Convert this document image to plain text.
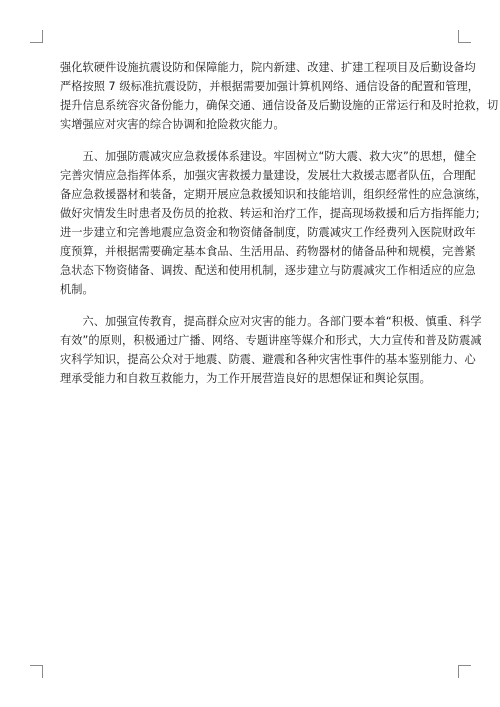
强化软硬件设施抗震设防和保障能力，院内新建、改建、扩建工程项目及后勤设备均
严格按照 7 级标准抗震设防，并根据需要加强计算机网络、通信设备的配置和管理，
提升信息系统容灾备份能力，确保交通、通信设备及后勤设施的正常运行和及时抢救，切
实增强应对灾害的综合协调和抢险救灾能力。
　　五、加强防震减灾应急救援体系建设。牢固树立“防大震、救大灾”的思想，健全
完善灾情应急指挥体系，加强灾害救援力量建设，发展壮大救援志愿者队伍，合理配
备应急救援器材和装备，定期开展应急救援知识和技能培训，组织经常性的应急演练，
做好灾情发生时患者及伤员的抢救、转运和治疗工作，提高现场救援和后方指挥能力;
进一步建立和完善地震应急资金和物资储备制度，防震减灾工作经费列入医院财政年
度预算，并根据需要确定基本食品、生活用品、药物器材的储备品种和规模，完善紧
急状态下物资储备、调拨、配送和使用机制，逐步建立与防震减灾工作相适应的应急
机制。
　　六、加强宣传教育，提高群众应对灾害的能力。各部门要本着“积极、慎重、科学
有效”的原则，积极通过广播、网络、专题讲座等媒介和形式，大力宣传和普及防震减
灾科学知识，提高公众对于地震、防震、避震和各种灾害性事件的基本鉴别能力、心
理承受能力和自救互救能力，为工作开展营造良好的思想保证和舆论氛围。
